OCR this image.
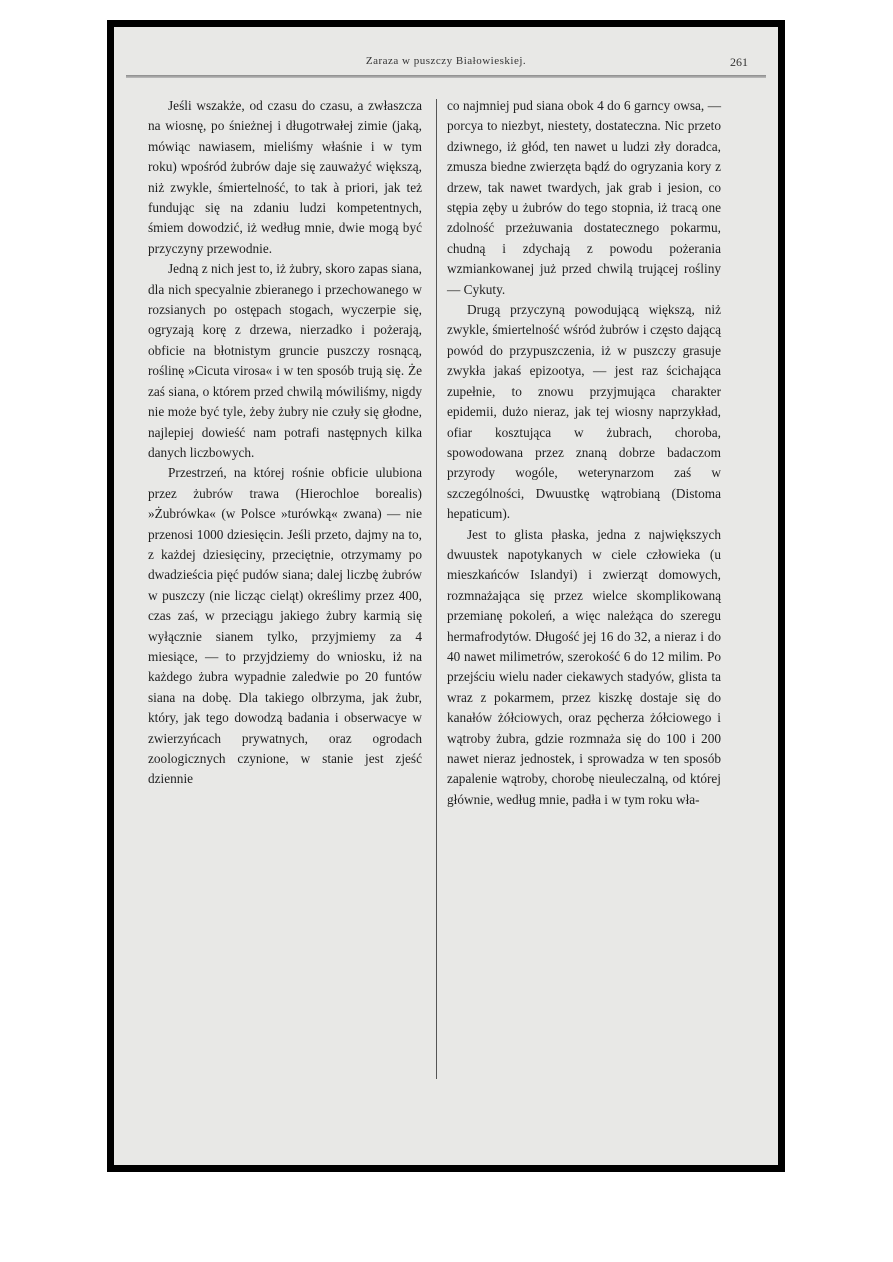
Zaraza w puszczy Białowieskiej.	261

Jeśli wszakże, od czasu do czasu, a zwłaszcza na wiosnę, po śnieżnej i długotrwałej zimie (jaką, mówiąc nawiasem, mieliśmy właśnie i w tym roku) wpośród żubrów daje się zauważyć większą, niż zwykle, śmiertelność, to tak à priori, jak też fundując się na zdaniu ludzi kompetentnych, śmiem dowodzić, iż według mnie, dwie mogą być przyczyny przewodnie.

Jedną z nich jest to, iż żubry, skoro zapas siana, dla nich specyalnie zbieranego i przechowanego w rozsianych po ostępach stogach, wyczerpie się, ogryzają korę z drzewa, nierzadko i pożerają, obficie na błotnistym gruncie puszczy rosnącą, roślinę »Cicuta virosa« i w ten sposób trują się. Że zaś siana, o którem przed chwilą mówiliśmy, nigdy nie może być tyle, żeby żubry nie czuły się głodne, najlepiej dowieść nam potrafi następnych kilka danych liczbowych.

Przestrzeń, na której rośnie obficie ulubiona przez żubrów trawa (Hierochloe borealis) »Żubrówka« (w Polsce »turówką« zwana) — nie przenosi 1000 dziesięcin. Jeśli przeto, dajmy na to, z każdej dziesięciny, przeciętnie, otrzymamy po dwadzieścia pięć pudów siana; dalej liczbę żubrów w puszczy (nie licząc cieląt) określimy przez 400, czas zaś, w przeciągu jakiego żubry karmią się wyłącznie sianem tylko, przyjmiemy za 4 miesiące, — to przyjdziemy do wniosku, iż na każdego żubra wypadnie zaledwie po 20 funtów siana na dobę. Dla takiego olbrzyma, jak żubr, który, jak tego dowodzą badania i obserwacye w zwierzyńcach prywatnych, oraz ogrodach zoologicznych czynione, w stanie jest zjeść dziennie

co najmniej pud siana obok 4 do 6 garncy owsa, — porcya to niezbyt, niestety, dostateczna. Nic przeto dziwnego, iż głód, ten nawet u ludzi zły doradca, zmusza biedne zwierzęta bądź do ogryzania kory z drzew, tak nawet twardych, jak grab i jesion, co stępia zęby u żubrów do tego stopnia, iż tracą one zdolność przeżuwania dostatecznego pokarmu, chudną i zdychają z powodu pożerania wzmiankowanej już przed chwilą trującej rośliny — Cykuty.

Drugą przyczyną powodującą większą, niż zwykle, śmiertelność wśród żubrów i często dającą powód do przypuszczenia, iż w puszczy grasuje zwykła jakaś epizootya, — jest raz ścichająca zupełnie, to znowu przyjmująca charakter epidemii, dużo nieraz, jak tej wiosny naprzykład, ofiar kosztująca w żubrach, choroba, spowodowana przez znaną dobrze badaczom przyrody wogóle, weterynarzom zaś w szczególności, Dwuustkę wątrobianą (Distoma hepaticum).

Jest to glista płaska, jedna z największych dwuustek napotykanych w ciele człowieka (u mieszkańców Islandyi) i zwierząt domowych, rozmnażająca się przez wielce skomplikowaną przemianę pokoleń, a więc należąca do szeregu hermafrodytów. Długość jej 16 do 32, a nieraz i do 40 nawet milimetrów, szerokość 6 do 12 milim. Po przejściu wielu nader ciekawych stadyów, glista ta wraz z pokarmem, przez kiszkę dostaje się do kanałów żółciowych, oraz pęcherza żółciowego i wątroby żubra, gdzie rozmnaża się do 100 i 200 nawet nieraz jednostek, i sprowadza w ten sposób zapalenie wątroby, chorobę nieuleczalną, od której głównie, według mnie, padła i w tym roku wła-
